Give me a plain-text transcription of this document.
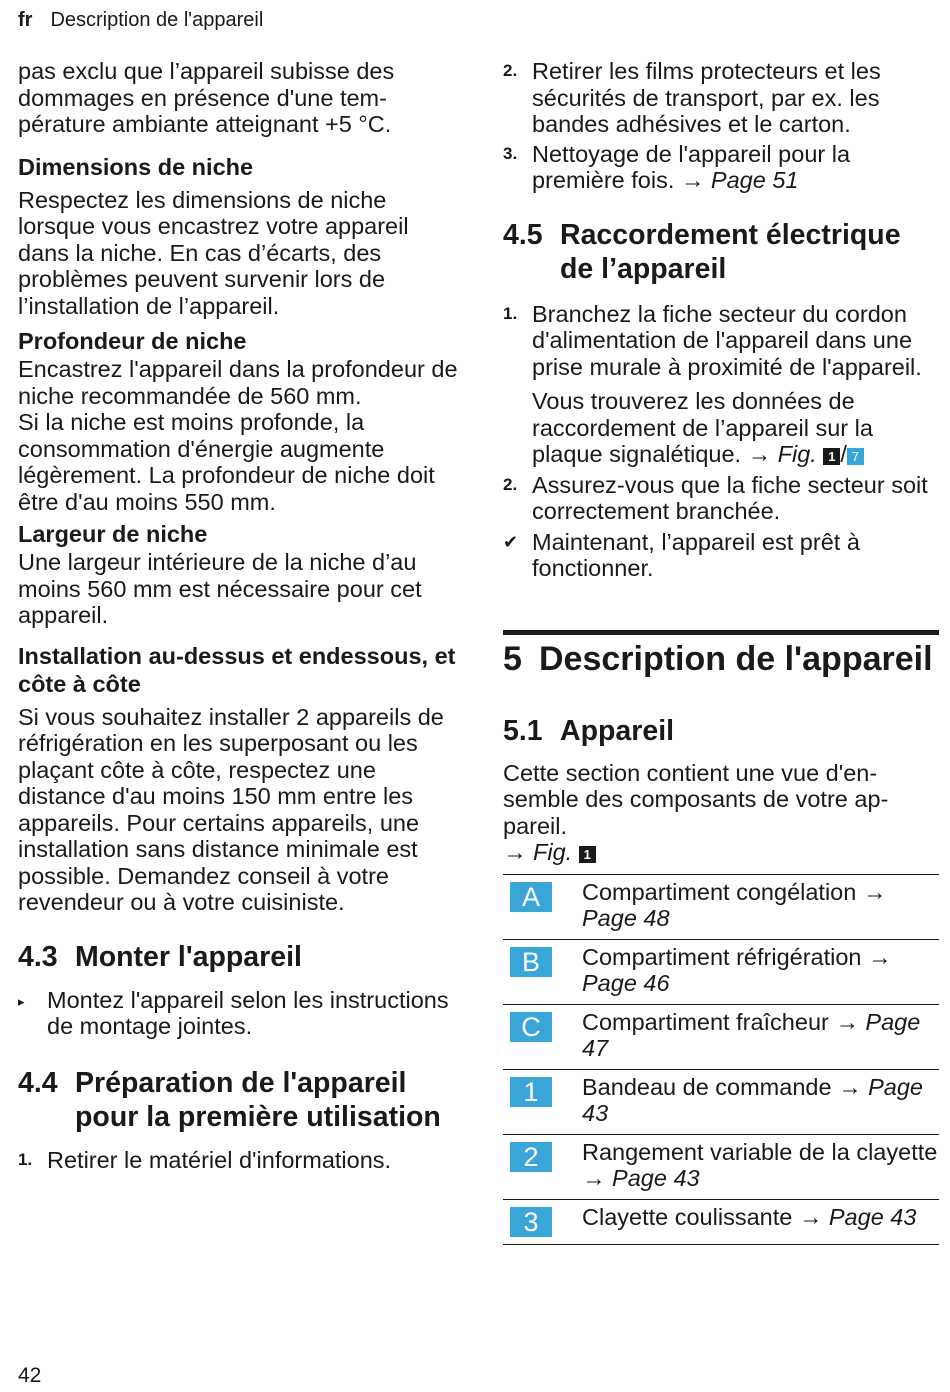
fr Description de l'appareil

pas exclu que l’appareil subisse des dommages en présence d'une température ambiante atteignant +5 °C.

Dimensions de niche

Respectez les dimensions de niche lorsque vous encastrez votre appareil dans la niche. En cas d’écarts, des problèmes peuvent survenir lors de l’installation de l’appareil.

Profondeur de niche

Encastrez l'appareil dans la profondeur de niche recommandée de 560 mm.

Si la niche est moins profonde, la consommation d'énergie augmente légèrement. La profondeur de niche doit être d'au moins 550 mm.

Largeur de niche

Une largeur intérieure de la niche d’au moins 560 mm est nécessaire pour cet appareil.

Installation au-dessus et endessous, et côte à côte

Si vous souhaitez installer 2 appareils de réfrigération en les superposant ou les plaçant côte à côte, respectez une distance d'au moins 150 mm entre les appareils. Pour certains appareils, une installation sans distance minimale est possible. Demandez conseil à votre revendeur ou à votre cuisiniste.

4.3 Monter l'appareil
▸ Montez l'appareil selon les instructions de montage jointes.
4.4 Préparation de l'appareil pour la première utilisation
1. Retirer le matériel d'informations.
2. Retirer les films protecteurs et les sécurités de transport, par ex. les bandes adhésives et le carton.
3. Nettoyage de l'appareil pour la première fois. → Page 51
4.5 Raccordement électrique de l’appareil
1. Branchez la fiche secteur du cordon d'alimentation de l'appareil dans une prise murale à proximité de l'appareil.
Vous trouverez les données de raccordement de l’appareil sur la plaque signalétique. → Fig. 1 / 7
2. Assurez-vous que la fiche secteur soit correctement branchée.
✔ Maintenant, l’appareil est prêt à fonctionner.
5 Description de l'appareil
5.1 Appareil

Cette section contient une vue d'ensemble des composants de votre appareil.

→ Fig. 1
A	Compartiment congélation → Page 48
B	Compartiment réfrigération → Page 46
C	Compartiment fraîcheur → Page 47
1	Bandeau de commande → Page 43
2	Rangement variable de la clayette → Page 43
3	Clayette coulissante → Page 43
42
